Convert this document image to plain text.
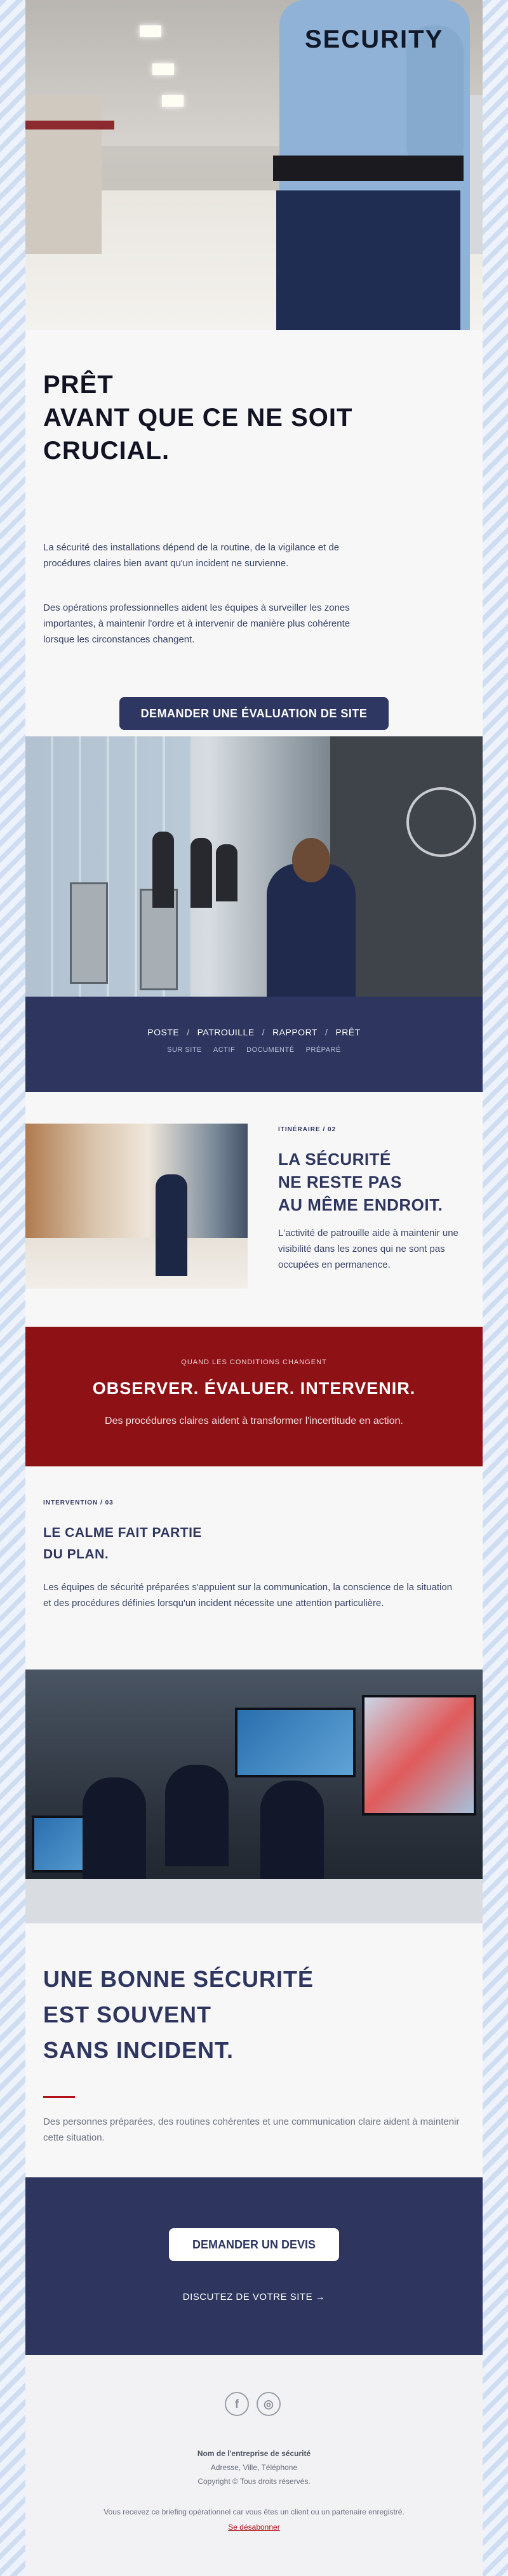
SECURITY
PRÊT
AVANT QUE CE NE SOIT
CRUCIAL.

La sécurité des installations dépend de la routine, de la vigilance et de procédures claires bien avant qu'un incident ne survienne.

Des opérations professionnelles aident les équipes à surveiller les zones importantes, à maintenir l'ordre et à intervenir de manière plus cohérente lorsque les circonstances changent.

DEMANDER UNE ÉVALUATION DE SITE
POSTE / PATROUILLE / RAPPORT / PRÊT
SUR SITE ACTIF DOCUMENTÉ PRÉPARÉ
ITINÉRAIRE / 02
LA SÉCURITÉ
NE RESTE PAS
AU MÊME ENDROIT.

L'activité de patrouille aide à maintenir une visibilité dans les zones qui ne sont pas occupées en permanence.

QUAND LES CONDITIONS CHANGENT
OBSERVER. ÉVALUER. INTERVENIR.
Des procédures claires aident à transformer l'incertitude en action.
INTERVENTION / 03
LE CALME FAIT PARTIE
DU PLAN.

Les équipes de sécurité préparées s'appuient sur la communication, la conscience de la situation et des procédures définies lorsqu'un incident nécessite une attention particulière.

UNE BONNE SÉCURITÉ
EST SOUVENT
SANS INCIDENT.

Des personnes préparées, des routines cohérentes et une communication claire aident à maintenir cette situation.

DEMANDER UN DEVIS
DISCUTEZ DE VOTRE SITE →
f	◎
Nom de l'entreprise de sécurité
Adresse, Ville, Téléphone
Copyright © Tous droits réservés.
Vous recevez ce briefing opérationnel car vous êtes un client ou un partenaire enregistré.
Se désabonner
